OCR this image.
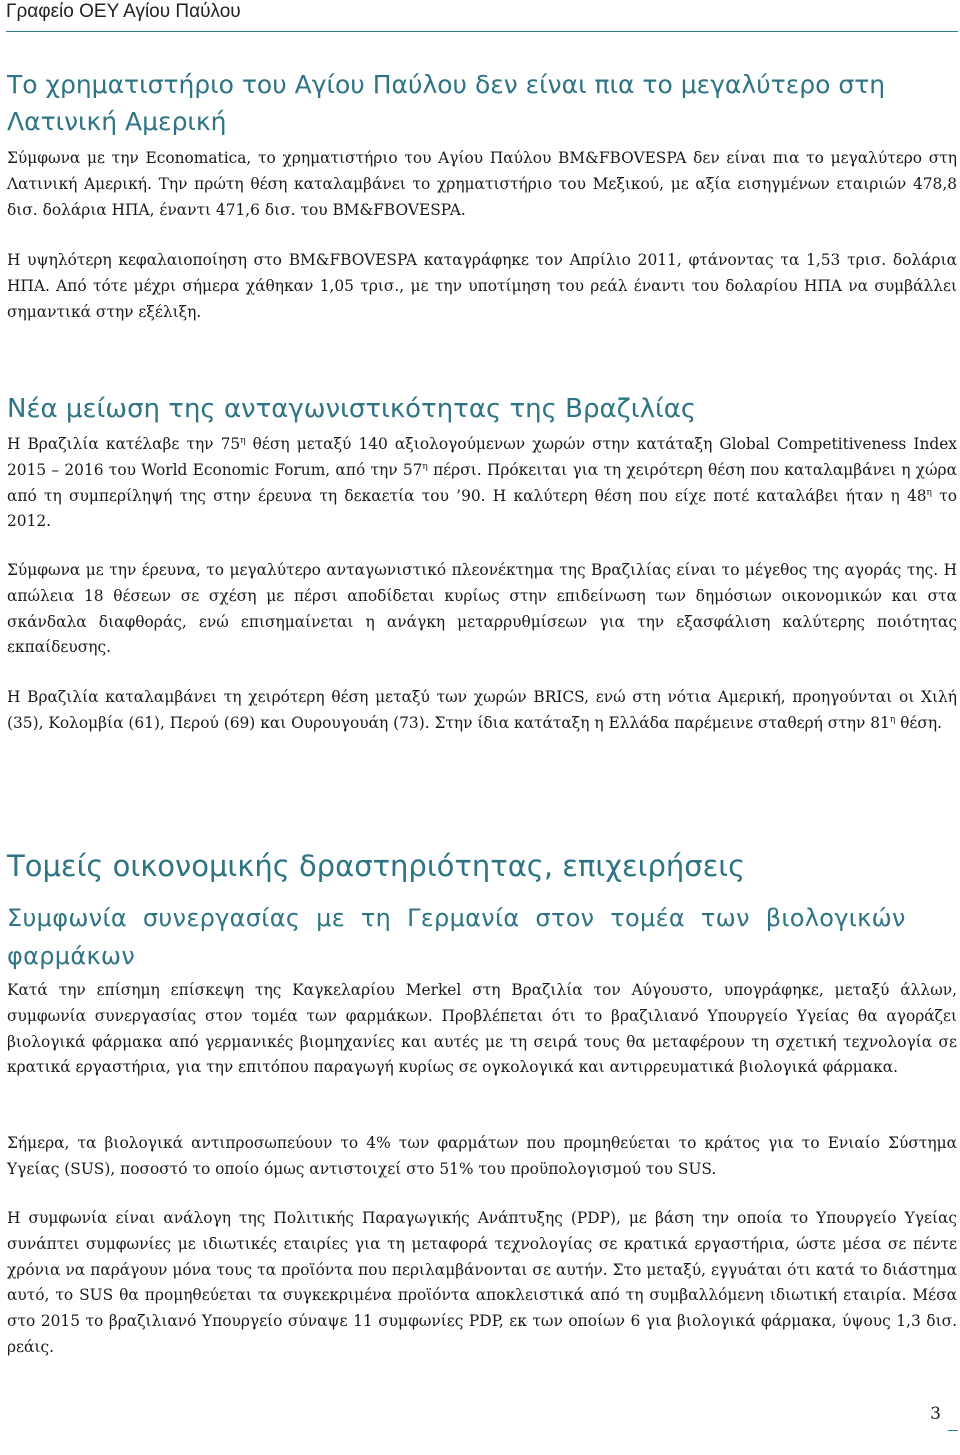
Γραφείο ΟΕΥ Αγίου Παύλου
Το χρηματιστήριο του Αγίου Παύλου δεν είναι πια το μεγαλύτερο στη Λατινική Αμερική

Σύμφωνα με την Economatica, το χρηματιστήριο του Αγίου Παύλου BM&FBOVESPA δεν είναι πια το μεγαλύτερο στη Λατινική Αμερική. Την πρώτη θέση καταλαμβάνει το χρηματιστήριο του Μεξικού, με αξία εισηγμένων εταιριών 478,8 δισ. δολάρια ΗΠΑ, έναντι 471,6 δισ. του BM&FBOVESPA.

Η υψηλότερη κεφαλαιοποίηση στο BM&FBOVESPA καταγράφηκε τον Απρίλιο 2011, φτάνοντας τα 1,53 τρισ. δολάρια ΗΠΑ. Από τότε μέχρι σήμερα χάθηκαν 1,05 τρισ., με την υποτίμηση του ρεάλ έναντι του δολαρίου ΗΠΑ να συμβάλλει σημαντικά στην εξέλιξη.

Νέα μείωση της ανταγωνιστικότητας της Βραζιλίας

Η Βραζιλία κατέλαβε την $75^\eta$ θέση μεταξύ 140 αξιολογούμενων χωρών στην κατάταξη Global Competitiveness Index 2015 – 2016 του World Economic Forum, από την $57^\eta$ πέρσι. Πρόκειται για τη χειρότερη θέση που καταλαμβάνει η χώρα από τη συμπερίληψή της στην έρευνα τη δεκαετία του ’90. Η καλύτερη θέση που είχε ποτέ καταλάβει ήταν η $48^\eta$ το 2012.

Σύμφωνα με την έρευνα, το μεγαλύτερο ανταγωνιστικό πλεονέκτημα της Βραζιλίας είναι το μέγεθος της αγοράς της. Η απώλεια 18 θέσεων σε σχέση με πέρσι αποδίδεται κυρίως στην επιδείνωση των δημόσιων οικονομικών και στα σκάνδαλα διαφθοράς, ενώ επισημαίνεται η ανάγκη μεταρρυθμίσεων για την εξασφάλιση καλύτερης ποιότητας εκπαίδευσης.

Η Βραζιλία καταλαμβάνει τη χειρότερη θέση μεταξύ των χωρών BRICS, ενώ στη νότια Αμερική, προηγούνται οι Χιλή (35), Κολομβία (61), Περού (69) και Ουρουγουάη (73). Στην ίδια κατάταξη η Ελλάδα παρέμεινε σταθερή στην $81^\eta$ θέση.

Τομείς οικονομικής δραστηριότητας, επιχειρήσεις
Συμφωνία συνεργασίας με τη Γερμανία στον τομέα των βιολογικών φαρμάκων

Κατά την επίσημη επίσκεψη της Καγκελαρίου Merkel στη Βραζιλία τον Αύγουστο, υπογράφηκε, μεταξύ άλλων, συμφωνία συνεργασίας στον τομέα των φαρμάκων. Προβλέπεται ότι το βραζιλιανό Υπουργείο Υγείας θα αγοράζει βιολογικά φάρμακα από γερμανικές βιομηχανίες και αυτές με τη σειρά τους θα μεταφέρουν τη σχετική τεχνολογία σε κρατικά εργαστήρια, για την επιτόπου παραγωγή κυρίως σε ογκολογικά και αντιρρευματικά βιολογικά φάρμακα.

Σήμερα, τα βιολογικά αντιπροσωπεύουν το 4% των φαρμάτων που προμηθεύεται το κράτος για το Ενιαίο Σύστημα Υγείας (SUS), ποσοστό το οποίο όμως αντιστοιχεί στο 51% του προϋπολογισμού του SUS.

Η συμφωνία είναι ανάλογη της Πολιτικής Παραγωγικής Ανάπτυξης (PDP), με βάση την οποία το Υπουργείο Υγείας συνάπτει συμφωνίες με ιδιωτικές εταιρίες για τη μεταφορά τεχνολογίας σε κρατικά εργαστήρια, ώστε μέσα σε πέντε χρόνια να παράγουν μόνα τους τα προϊόντα που περιλαμβάνονται σε αυτήν. Στο μεταξύ, εγγυάται ότι κατά το διάστημα αυτό, το SUS θα προμηθεύεται τα συγκεκριμένα προϊόντα αποκλειστικά από τη συμβαλλόμενη ιδιωτική εταιρία. Μέσα στο 2015 το βραζιλιανό Υπουργείο σύναψε 11 συμφωνίες PDP, εκ των οποίων 6 για βιολογικά φάρμακα, ύψους 1,3 δισ. ρεάις.

3
